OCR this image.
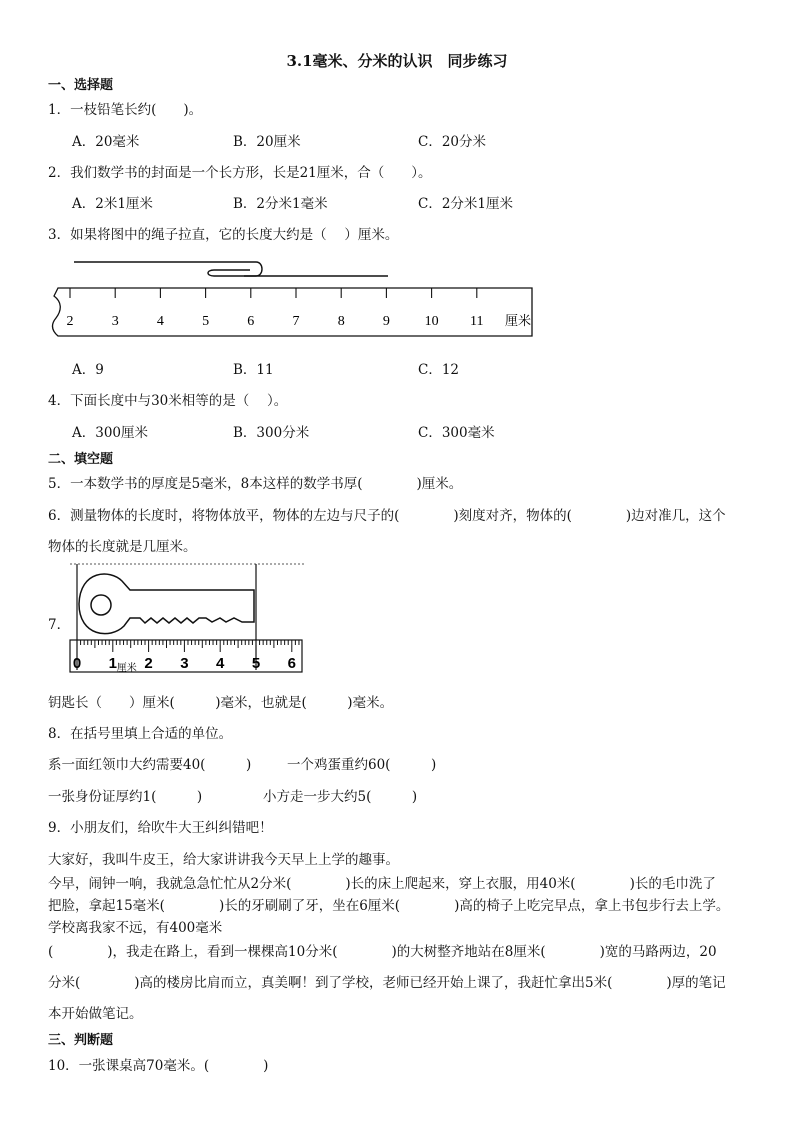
3.1毫米、分米的认识　同步练习
一、选择题
1．一枝铅笔长约(　　)。
A．20毫米	B．20厘米	C．20分米
2．我们数学书的封面是一个长方形，长是21厘米，合（　　）。
A．2米1厘米	B．2分米1毫米	C．2分米1厘米
3．如果将图中的绳子拉直，它的长度大约是（　 ）厘米。
2	3	4	5	6	7	8	9 10 11 厘米
A．9	B．11	C．12
4．下面长度中与30米相等的是（　 ）。
A．300厘米	B．300分米	C．300毫米
二、填空题
5．一本数学书的厚度是5毫米，8本这样的数学书厚(　　　　)厘米。
6．测量物体的长度时，将物体放平，物体的左边与尺子的(　　　　)刻度对齐，物体的(　　　　)边对准几，这个
物体的长度就是几厘米。
7．
0 1 2 3 4 5 6
厘米
钥匙长（　　）厘米(　　　)毫米，也就是(　　　)毫米。
8．在括号里填上合适的单位。
系一面红领巾大约需要40(　　　)	一个鸡蛋重约60(　　　)
一张身份证厚约1(　　　)	小方走一步大约5(　　　)
9．小朋友们，给吹牛大王纠纠错吧！
大家好，我叫牛皮王，给大家讲讲我今天早上上学的趣事。
今早，闹钟一响，我就急急忙忙从2分米(　　　　)长的床上爬起来，穿上衣服，用40米(　　　　)长的毛巾洗了
把脸，拿起15毫米(　　　　)长的牙刷刷了牙，坐在6厘米(　　　　)高的椅子上吃完早点，拿上书包步行去上学。
学校离我家不远，有400毫米
(　　　　)，我走在路上，看到一棵棵高10分米(　　　　)的大树整齐地站在8厘米(　　　　)宽的马路两边，20
分米(　　　　)高的楼房比肩而立，真美啊！到了学校，老师已经开始上课了，我赶忙拿出5米(　　　　)厚的笔记
本开始做笔记。
三、判断题
10．一张课桌高70毫米。(　　　　)
